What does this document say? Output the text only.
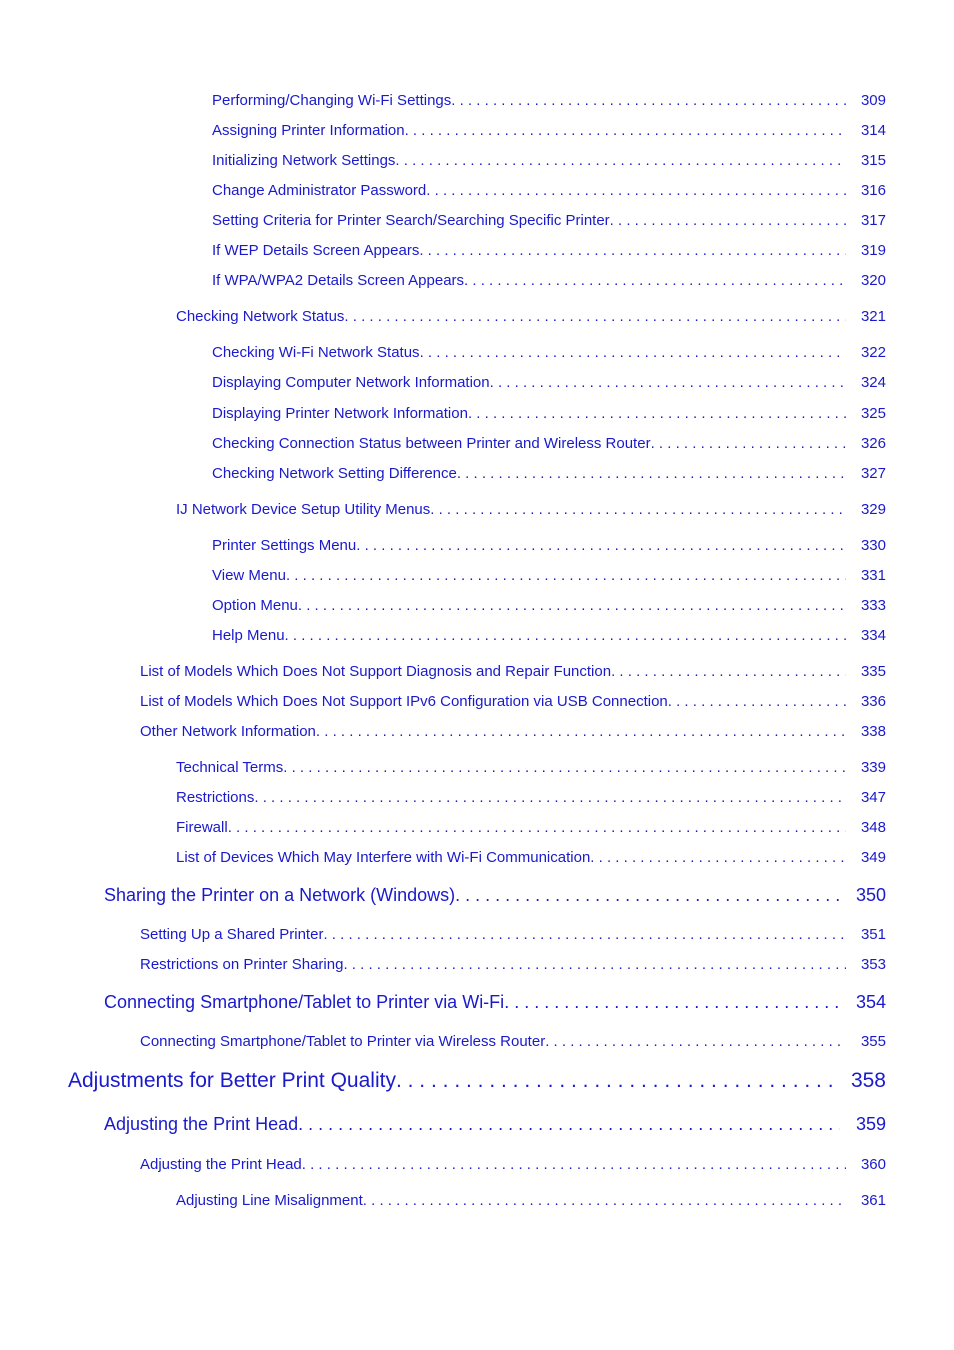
Performing/Changing Wi-Fi Settings . . .	309
Assigning Printer Information . . .	314
Initializing Network Settings . . .	315
Change Administrator Password . . .	316
Setting Criteria for Printer Search/Searching Specific Printer . . .	317
If WEP Details Screen Appears . . .	319
If WPA/WPA2 Details Screen Appears . . .	320
Checking Network Status . . .	321
Checking Wi-Fi Network Status . . .	322
Displaying Computer Network Information . . .	324
Displaying Printer Network Information . . .	325
Checking Connection Status between Printer and Wireless Router . . .	326
Checking Network Setting Difference . . .	327
IJ Network Device Setup Utility Menus . . .	329
Printer Settings Menu . . .	330
View Menu . . .	331
Option Menu . . .	333
Help Menu . . .	334
List of Models Which Does Not Support Diagnosis and Repair Function . . .	335
List of Models Which Does Not Support IPv6 Configuration via USB Connection . . .	336
Other Network Information . . .	338
Technical Terms . . .	339
Restrictions . . .	347
Firewall . . .	348
List of Devices Which May Interfere with Wi-Fi Communication . . .	349
Sharing the Printer on a Network (Windows) . . .	350
Setting Up a Shared Printer . . .	351
Restrictions on Printer Sharing . . .	353
Connecting Smartphone/Tablet to Printer via Wi-Fi . . .	354
Connecting Smartphone/Tablet to Printer via Wireless Router . . .	355
Adjustments for Better Print Quality . . .	358
Adjusting the Print Head . . .	359
Adjusting the Print Head . . .	360
Adjusting Line Misalignment . . .	361
